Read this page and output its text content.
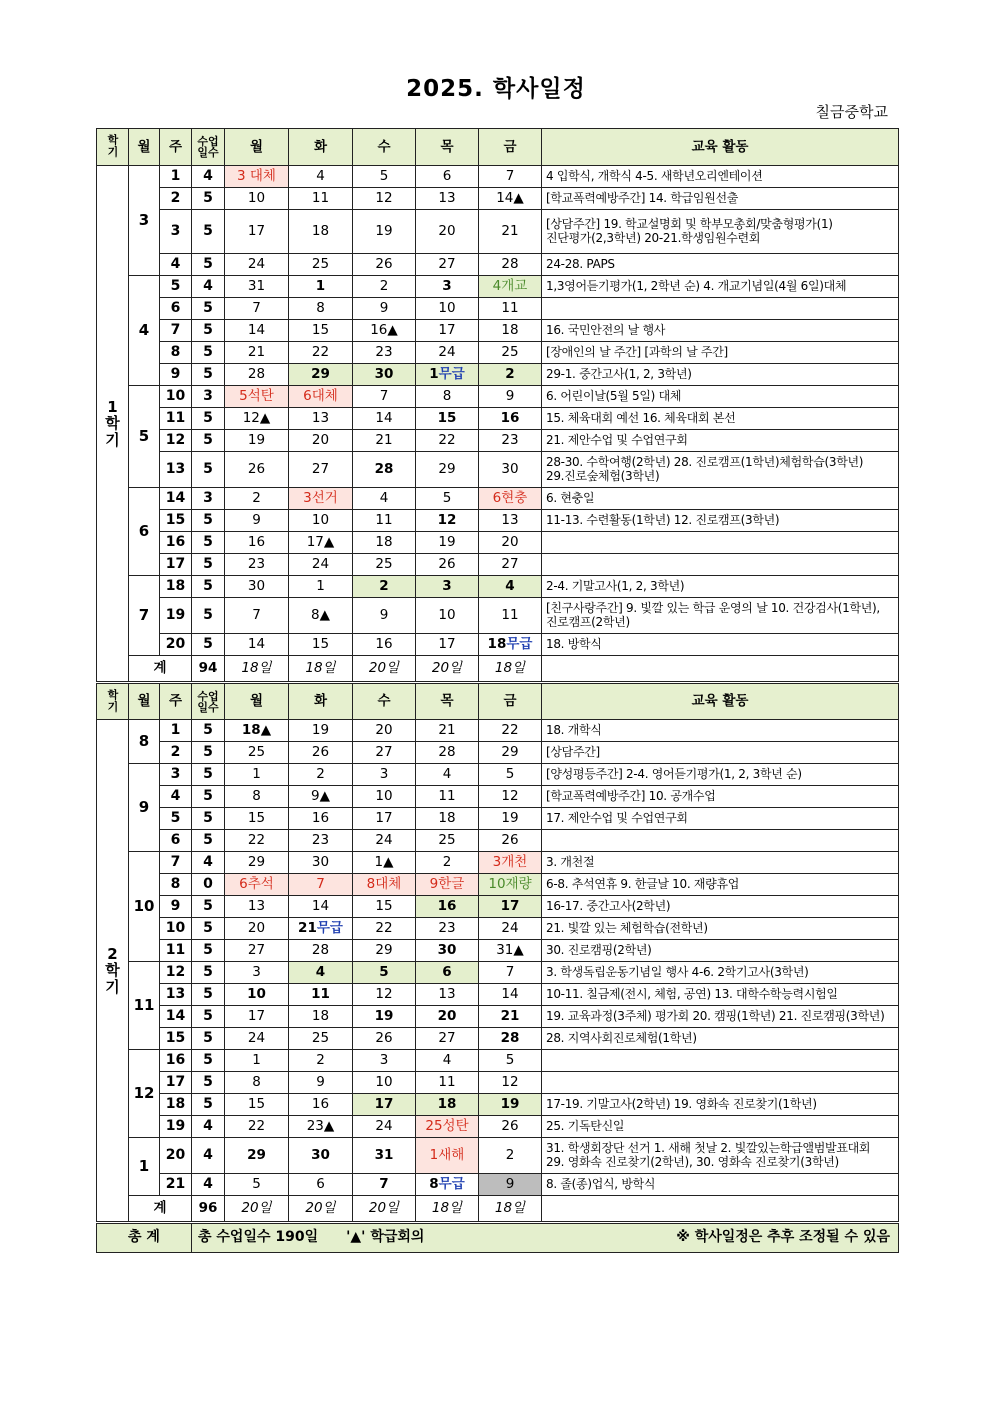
2025. 학사일정
칠금중학교
학기	월	주	수업
일수	월	화	수	목	금	교육 활동
1
학
기	3	1	4	3 대체	4	5	6	7	4 입학식, 개학식 4-5. 새학년오리엔테이션
		2	5	10	11	12	13	14▲	[학교폭력예방주간] 14. 학급임원선출
		3	5	17	18	19	20	21	[상담주간] 19. 학교설명회 및 학부모총회/맞춤형평가(1)
진단평가(2,3학년) 20-21.학생임원수련회
		4	5	24	25	26	27	28	24-28. PAPS
	4	5	4	31	1	2	3	4개교	1,3영어듣기평가(1, 2학년 순) 4. 개교기념일(4월 6일)대체
		6	5	7	8	9	10	11	
		7	5	14	15	16▲	17	18	16. 국민안전의 날 행사
		8	5	21	22	23	24	25	[장애인의 날 주간] [과학의 날 주간]
		9	5	28	29	30	1무급	2	29-1. 중간고사(1, 2, 3학년)
	5	10	3	5석탄	6대체	7	8	9	6. 어린이날(5월 5일) 대체
		11	5	12▲	13	14	15	16	15. 체육대회 예선 16. 체육대회 본선
		12	5	19	20	21	22	23	21. 제안수업 및 수업연구회
		13	5	26	27	28	29	30	28-30. 수학여행(2학년) 28. 진로캠프(1학년)체험학습(3학년)
29.진로숲체험(3학년)
	6	14	3	2	3선거	4	5	6현충	6. 현충일
		15	5	9	10	11	12	13	11-13. 수련활동(1학년) 12. 진로캠프(3학년)
		16	5	16	17▲	18	19	20	
		17	5	23	24	25	26	27	
	7	18	5	30	1	2	3	4	2-4. 기말고사(1, 2, 3학년)
		19	5	7	8▲	9	10	11	[친구사랑주간] 9. 빛깔 있는 학급 운영의 날 10. 건강검사(1학년),
진로캠프(2학년)
		20	5	14	15	16	17	18무급	18. 방학식
	계		94	18일	18일	20일	20일	18일	
학기	월	주	수업
일수	월	화	수	목	금	교육 활동
2
학
기	8	1	5	18▲	19	20	21	22	18. 개학식
		2	5	25	26	27	28	29	[상담주간]
	9	3	5	1	2	3	4	5	[양성평등주간] 2-4. 영어듣기평가(1, 2, 3학년 순)
		4	5	8	9▲	10	11	12	[학교폭력예방주간] 10. 공개수업
		5	5	15	16	17	18	19	17. 제안수업 및 수업연구회
		6	5	22	23	24	25	26	
	10	7	4	29	30	1▲	2	3개천	3. 개천절
		8	0	6추석	7	8대체	9한글	10재량	6-8. 추석연휴 9. 한글날 10. 재량휴업
		9	5	13	14	15	16	17	16-17. 중간고사(2학년)
		10	5	20	21무급	22	23	24	21. 빛깔 있는 체험학습(전학년)
		11	5	27	28	29	30	31▲	30. 진로캠핑(2학년)
	11	12	5	3	4	5	6	7	3. 학생독립운동기념일 행사 4-6. 2학기고사(3학년)
		13	5	10	11	12	13	14	10-11. 칠금제(전시, 체험, 공연) 13. 대학수학능력시험일
		14	5	17	18	19	20	21	19. 교육과정(3주체) 평가회 20. 캠핑(1학년) 21. 진로캠핑(3학년)
		15	5	24	25	26	27	28	28. 지역사회진로체험(1학년)
	12	16	5	1	2	3	4	5	
		17	5	8	9	10	11	12	
		18	5	15	16	17	18	19	17-19. 기말고사(2학년) 19. 영화속 진로찾기(1학년)
		19	4	22	23▲	24	25성탄	26	25. 기독탄신일
	1	20	4	29	30	31	1새해	2	31. 학생회장단 선거 1. 새해 첫날 2. 빛깔있는학급앨범발표대회
29. 영화속 진로찾기(2학년), 30. 영화속 진로찾기(3학년)
		21	4	5	6	7	8무급	9	8. 졸(종)업식, 방학식
	계		96	20일	20일	20일	18일	18일	
총 계			총 수업일수 190일 '▲' 학급회의 ※ 학사일정은 추후 조정될 수 있음						
